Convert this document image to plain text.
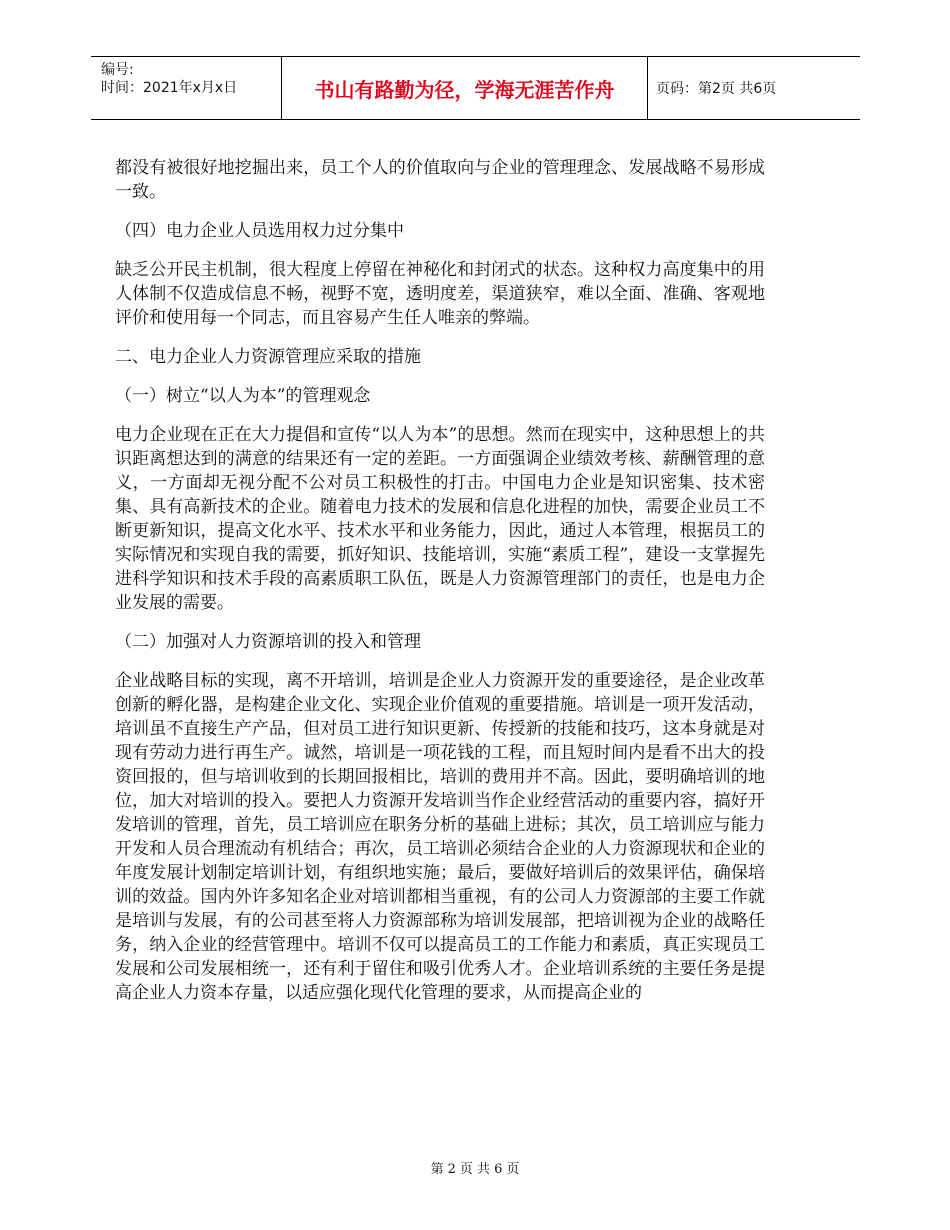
编号:
时间：2021年x月x日	书山有路勤为径，学海无涯苦作舟	页码：第2页 共6页

都没有被很好地挖掘出来，员工个人的价值取向与企业的管理理念、发展战略不易形成一致。

（四）电力企业人员选用权力过分集中

缺乏公开民主机制，很大程度上停留在神秘化和封闭式的状态。这种权力高度集中的用人体制不仅造成信息不畅，视野不宽，透明度差，渠道狭窄，难以全面、准确、客观地评价和使用每一个同志，而且容易产生任人唯亲的弊端。

二、电力企业人力资源管理应采取的措施

（一）树立“以人为本”的管理观念

电力企业现在正在大力提倡和宣传“以人为本”的思想。然而在现实中，这种思想上的共识距离想达到的满意的结果还有一定的差距。一方面强调企业绩效考核、薪酬管理的意义，一方面却无视分配不公对员工积极性的打击。中国电力企业是知识密集、技术密集、具有高新技术的企业。随着电力技术的发展和信息化进程的加快，需要企业员工不断更新知识，提高文化水平、技术水平和业务能力，因此，通过人本管理，根据员工的实际情况和实现自我的需要，抓好知识、技能培训，实施“素质工程”，建设一支掌握先进科学知识和技术手段的高素质职工队伍，既是人力资源管理部门的责任，也是电力企业发展的需要。

（二）加强对人力资源培训的投入和管理

企业战略目标的实现，离不开培训，培训是企业人力资源开发的重要途径，是企业改革创新的孵化器，是构建企业文化、实现企业价值观的重要措施。培训是一项开发活动，培训虽不直接生产产品，但对员工进行知识更新、传授新的技能和技巧，这本身就是对现有劳动力进行再生产。诚然，培训是一项花钱的工程，而且短时间内是看不出大的投资回报的，但与培训收到的长期回报相比，培训的费用并不高。因此，要明确培训的地位，加大对培训的投入。要把人力资源开发培训当作企业经营活动的重要内容，搞好开发培训的管理，首先，员工培训应在职务分析的基础上进标；其次，员工培训应与能力开发和人员合理流动有机结合；再次，员工培训必须结合企业的人力资源现状和企业的年度发展计划制定培训计划，有组织地实施；最后，要做好培训后的效果评估，确保培训的效益。国内外许多知名企业对培训都相当重视，有的公司人力资源部的主要工作就是培训与发展，有的公司甚至将人力资源部称为培训发展部，把培训视为企业的战略任务，纳入企业的经营管理中。培训不仅可以提高员工的工作能力和素质，真正实现员工发展和公司发展相统一，还有利于留住和吸引优秀人才。企业培训系统的主要任务是提高企业人力资本存量，以适应强化现代化管理的要求，从而提高企业的

第 2 页 共 6 页
